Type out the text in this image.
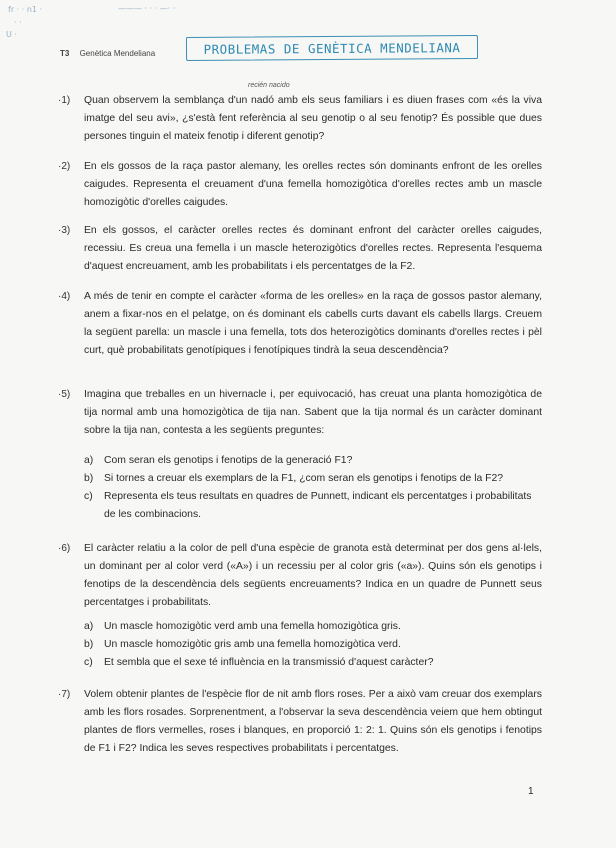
fr · · n1 ·
· ·
——— · · · —· ·
U ·
T3 Genètica Mendeliana	PROBLEMAS DE GENÈTICA MENDELIANA
recién nacido
·1)	Quan observem la semblança d'un nadó amb els seus familiars i es diuen frases com «és la viva imatge del seu avi», ¿s'està fent referència al seu genotip o al seu fenotip? És possible que dues persones tinguin el mateix fenotip i diferent genotip?
·2)	En els gossos de la raça pastor alemany, les orelles rectes són dominants enfront de les orelles caigudes. Representa el creuament d'una femella homozigòtica d'orelles rectes amb un mascle homozigòtic d'orelles caigudes.
·3)	En els gossos, el caràcter orelles rectes és dominant enfront del caràcter orelles caigudes, recessiu. Es creua una femella i un mascle heterozigòtics d'orelles rectes. Representa l'esquema d'aquest encreuament, amb les probabilitats i els percentatges de la F2.
·4)	A més de tenir en compte el caràcter «forma de les orelles» en la raça de gossos pastor alemany, anem a fixar-nos en el pelatge, on és dominant els cabells curts davant els cabells llargs. Creuem la següent parella: un mascle i una femella, tots dos heterozigòtics dominants d'orelles rectes i pèl curt, què probabilitats genotípiques i fenotípiques tindrà la seua descendència?
·5)	Imagina que treballes en un hivernacle i, per equivocació, has creuat una planta homozigòtica de tija normal amb una homozigòtica de tija nan. Sabent que la tija normal és un caràcter dominant sobre la tija nan, contesta a les següents preguntes:
a) Com seran els genotips i fenotips de la generació F1?
b) Si tornes a creuar els exemplars de la F1, ¿com seran els genotips i fenotips de la F2?
c) Representa els teus resultats en quadres de Punnett, indicant els percentatges i probabilitats de les combinacions.
·6)	El caràcter relatiu a la color de pell d'una espècie de granota està determinat per dos gens al·lels, un dominant per al color verd («A») i un recessiu per al color gris («a»). Quins són els genotips i fenotips de la descendència dels següents encreuaments? Indica en un quadre de Punnett seus percentatges i probabilitats.
a) Un mascle homozigòtic verd amb una femella homozigòtica gris.
b) Un mascle homozigòtic gris amb una femella homozigòtica verd.
c) Et sembla que el sexe té influència en la transmissió d'aquest caràcter?
·7)	Volem obtenir plantes de l'espècie flor de nit amb flors roses. Per a això vam creuar dos exemplars amb les flors rosades. Sorprenentment, a l'observar la seva descendència veiem que hem obtingut plantes de flors vermelles, roses i blanques, en proporció 1: 2: 1. Quins són els genotips i fenotips de F1 i F2? Indica les seves respectives probabilitats i percentatges.
1
